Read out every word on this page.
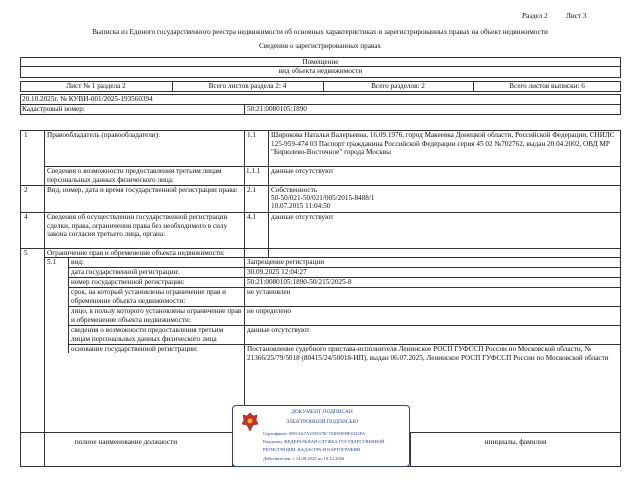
Раздел 2	Лист 3
Выписка из Единого государственного реестра недвижимости об основных характеристиках и зарегистрированных правах на объект недвижимости
Сведения о зарегистрированных правах
Помещение
вид объекта недвижимости
Лист № 1 раздела 2	Всего листов раздела 2: 4	Всего разделов: 2	Всего листов выписки: 6
20.10.2025г. № КУВИ-001/2025-193560394
Кадастровый номер:	50:21:0080105:1890
1	Правообладатель (правообладатели):	1.1 Широкова Наталья Валерьевна, 16.09.1976, город Макеевка Донецкой области, Российской Федерации, СНИЛС 125-959-474 03 Паспорт гражданина Российской Федерации серия 45 02 №702762, выдан 20.04.2002, ОВД МР "Бирюлево-Восточное" города Москвы
Сведения о возможности предоставления третьим лицам персональных данных физического лица:
1.1.1 данные отсутствуют
2	Вид, номер, дата и время государственной регистрации права:	2.1 Собственность
50-50/021-50/021/005/2015-8488/1
10.07.2015 11:04:50
4	Сведения об осуществлении государственной регистрации сделки, права, ограничения права без необходимого в силу закона согласия третьего лица, органа:
4.1 данные отсутствуют
5	Ограничение прав и обременение объекта недвижимости:
5.1 вид:	Запрещение регистрации
дата государственной регистрации:	30.09.2025 12:04:27
номер государственной регистрации:	50:21:0080105:1890-50/215/2025-8
срок, на который установлены ограничение прав и обременение объекта недвижимости:
не установлен
лицо, в пользу которого установлены ограничение прав и обременение объекта недвижимости:
не определено
сведения о возможности предоставления третьим лицам персональных данных физического лица
данные отсутствуют
основание государственной регистрации:	Постановление судебного пристава-исполнителя Ленинское РОСП ГУФССП России по Московской области, № 21366/25/79/5018 (80415/24/50018-ИП), выдан 06.07.2025, Ленинское РОСП ГУФССП России по Московской области
полное наименование должности	инициалы, фамилия
ДОКУМЕНТ ПОДПИСАН
ЭЛЕКТРОННОЙ ПОДПИСЬЮ
Сертификат: 00914A7A2593378C7040930DF4322FA
Владелец: ФЕДЕРАЛЬНАЯ СЛУЖБА ГОСУДАРСТВЕННОЙ
РЕГИСТРАЦИИ, КАДАСТРА И КАРТОГРАФИИ
Действителен: с 14.09.2025 по 10.12.2026
